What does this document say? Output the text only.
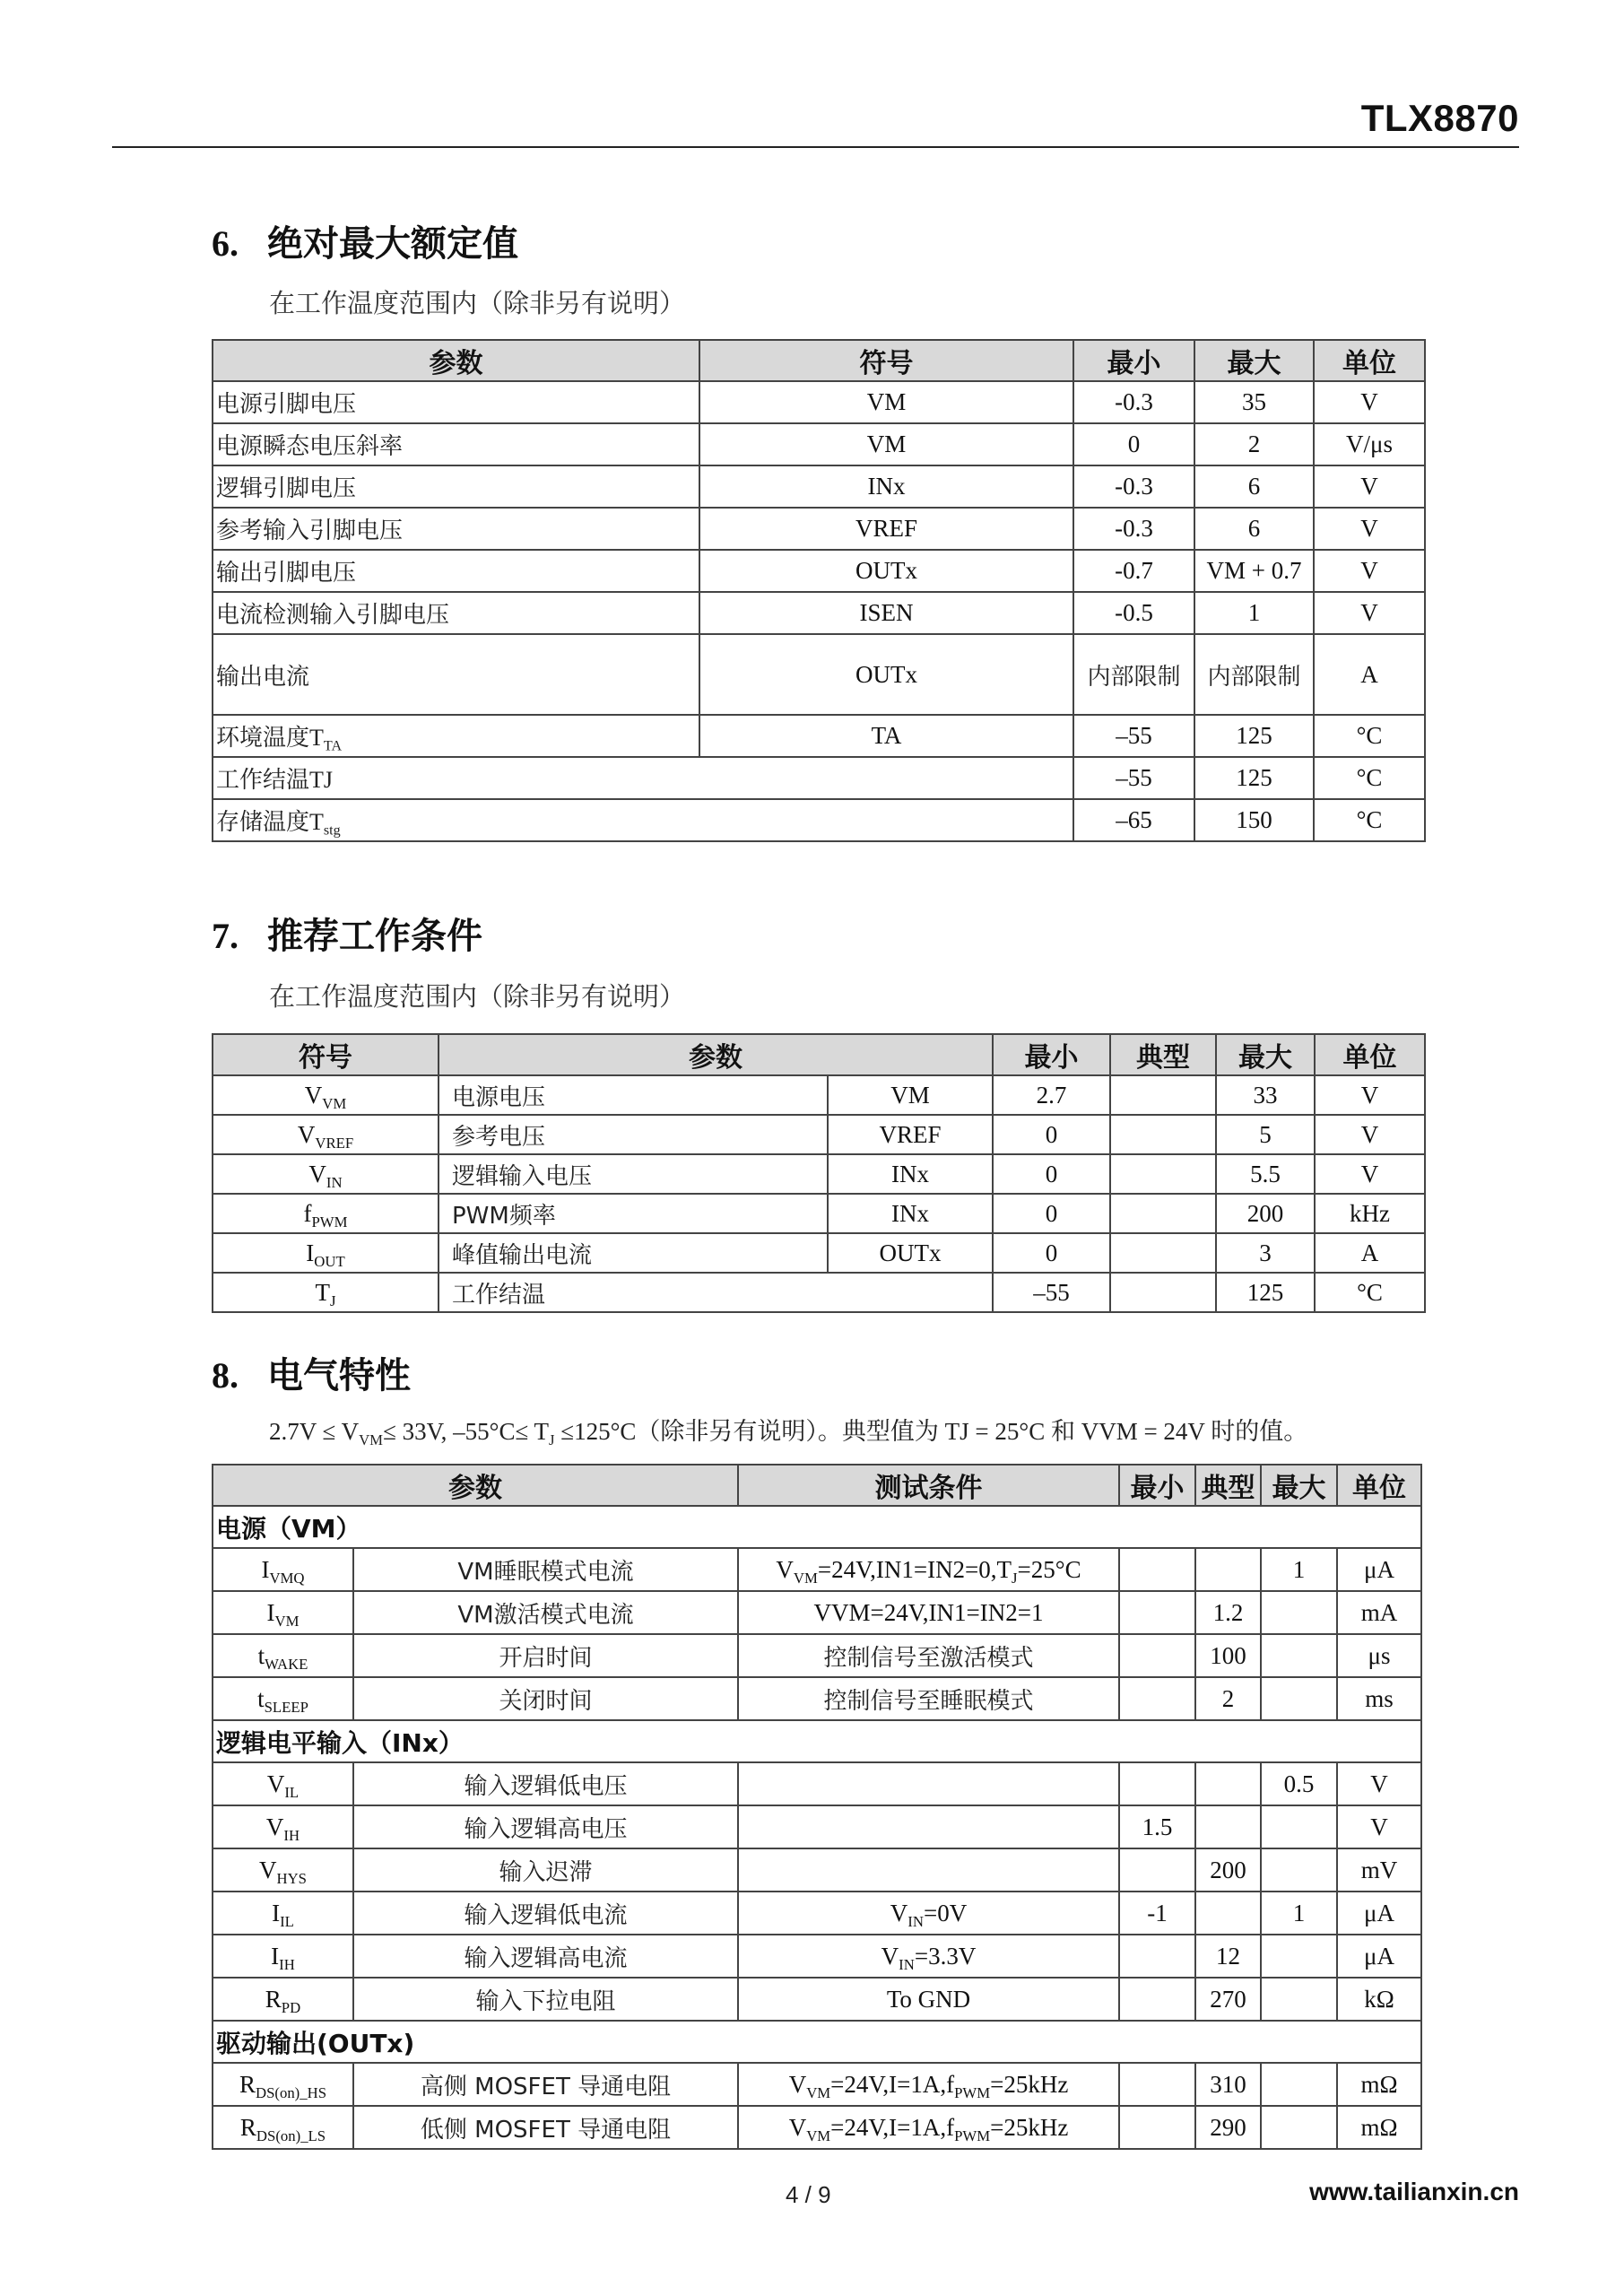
TLX8870
6. 绝对最大额定值
在工作温度范围内（除非另有说明）
参数	符号	最小	最大	单位
电源引脚电压	VM	-0.3	35	V
电源瞬态电压斜率	VM	0	2	V/μs
逻辑引脚电压	INx	-0.3	6	V
参考输入引脚电压	VREF	-0.3	6	V
输出引脚电压	OUTx	-0.7	VM + 0.7	V
电流检测输入引脚电压	ISEN	-0.5	1	V
输出电流	OUTx	内部限制	内部限制	A
环境温度$T_{TA}$	TA	–55	125	°C
工作结温TJ		–55	125	°C
存储温度$T_{stg}$		–65	150	°C
7. 推荐工作条件
在工作温度范围内（除非另有说明）
符号	参数		最小	典型	最大	单位
$V_{VM}$	电源电压	VM	2.7		33	V
$V_{VREF}$	参考电压	VREF	0		5	V
$V_{IN}$	逻辑输入电压	INx	0		5.5	V
$f_{PWM}$	PWM频率	INx	0		200	kHz
$I_{OUT}$	峰值输出电流	OUTx	0		3	A
$T_J$	工作结温		–55		125	°C
8. 电气特性
$2.7V \le V_{VM}\le 33V$, $-55^\circ C\le T_J \le 125^\circ C$（除非另有说明）。典型值为 TJ = 25°C 和 VVM = 24V 时的值。
参数		测试条件	最小	典型	最大	单位
电源（VM）						
$I_{VMQ}$	VM睡眠模式电流	$V_{VM}=24V,IN1=IN2=0,T_J=25^\circ C$			1	μA
$I_{VM}$	VM激活模式电流	VVM=24V,IN1=IN2=1		1.2		mA
$t_{WAKE}$	开启时间	控制信号至激活模式		100		μs
$t_{SLEEP}$	关闭时间	控制信号至睡眠模式		2		ms
逻辑电平输入（INx）						
$V_{IL}$	输入逻辑低电压				0.5	V
$V_{IH}$	输入逻辑高电压		1.5			V
$V_{HYS}$	输入迟滞			200		mV
$I_{IL}$	输入逻辑低电流	$V_{IN}=0V$	-1		1	μA
$I_{IH}$	输入逻辑高电流	$V_{IN}=3.3V$		12		μA
$R_{PD}$	输入下拉电阻	To GND		270		kΩ
驱动输出(OUTx)						
$R_{DS(on)\_HS}$	高侧 MOSFET 导通电阻	$V_{VM}=24V,I=1A,f_{PWM}=25kHz$		310		mΩ
$R_{DS(on)\_LS}$	低侧 MOSFET 导通电阻	$V_{VM}=24V,I=1A,f_{PWM}=25kHz$		290		mΩ
4 / 9	www.tailianxin.cn
